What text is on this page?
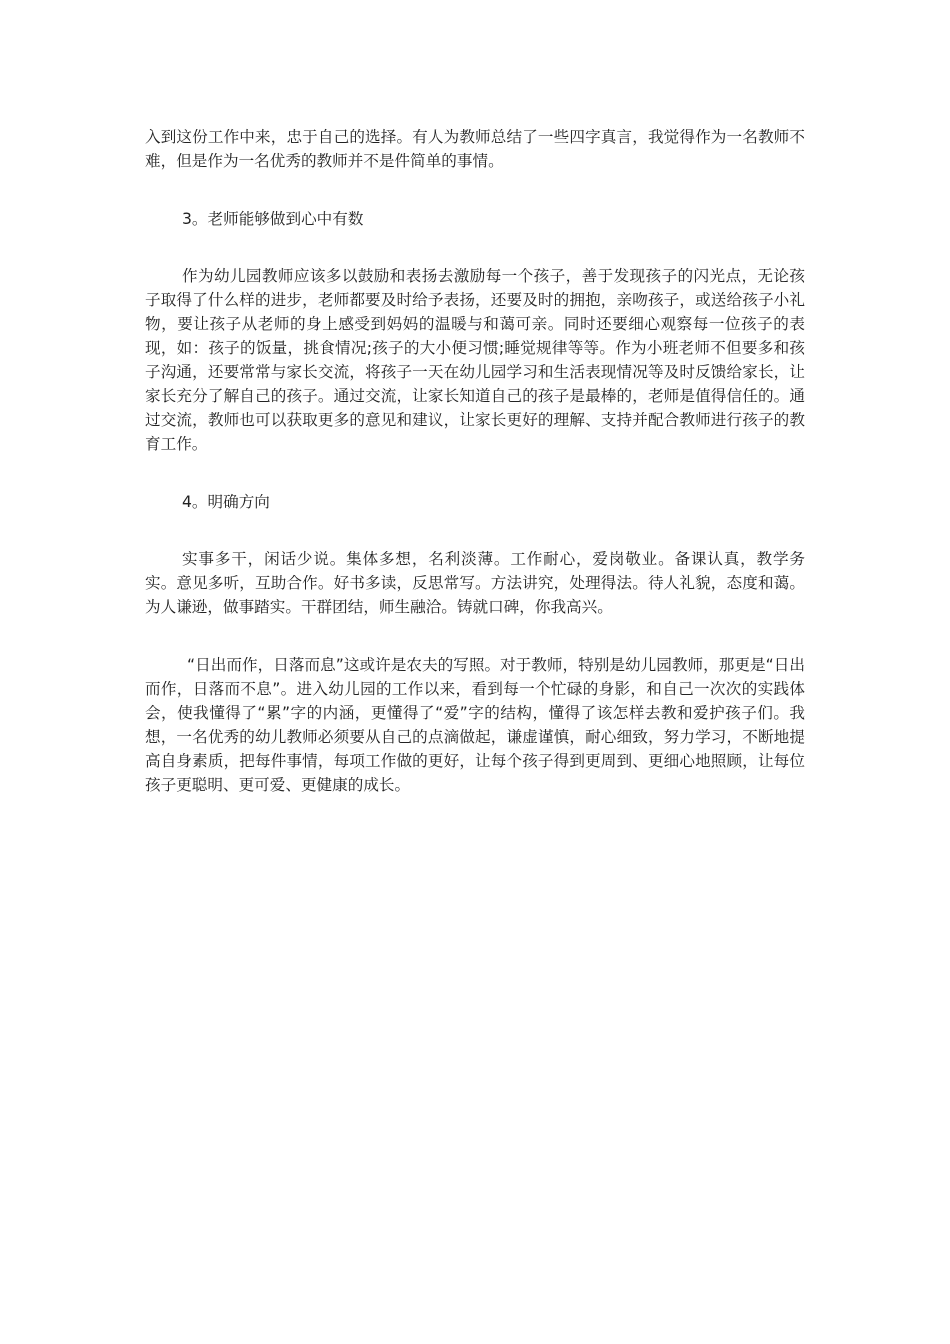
入到这份工作中来，忠于自己的选择。有人为教师总结了一些四字真言，我觉得作为一名教师不难，但是作为一名优秀的教师并不是件简单的事情。

3。老师能够做到心中有数

作为幼儿园教师应该多以鼓励和表扬去激励每一个孩子，善于发现孩子的闪光点，无论孩子取得了什么样的进步，老师都要及时给予表扬，还要及时的拥抱，亲吻孩子，或送给孩子小礼物，要让孩子从老师的身上感受到妈妈的温暖与和蔼可亲。同时还要细心观察每一位孩子的表现，如：孩子的饭量，挑食情况;孩子的大小便习惯;睡觉规律等等。作为小班老师不但要多和孩子沟通，还要常常与家长交流，将孩子一天在幼儿园学习和生活表现情况等及时反馈给家长，让家长充分了解自己的孩子。通过交流，让家长知道自己的孩子是最棒的，老师是值得信任的。通过交流，教师也可以获取更多的意见和建议，让家长更好的理解、支持并配合教师进行孩子的教育工作。

4。明确方向

实事多干，闲话少说。集体多想，名利淡薄。工作耐心，爱岗敬业。备课认真，教学务实。意见多听，互助合作。好书多读，反思常写。方法讲究，处理得法。待人礼貌，态度和蔼。为人谦逊，做事踏实。干群团结，师生融洽。铸就口碑，你我高兴。

“日出而作，日落而息”这或许是农夫的写照。对于教师，特别是幼儿园教师，那更是“日出而作，日落而不息”。进入幼儿园的工作以来，看到每一个忙碌的身影，和自己一次次的实践体会，使我懂得了“累”字的内涵，更懂得了“爱”字的结构，懂得了该怎样去教和爱护孩子们。我想，一名优秀的幼儿教师必须要从自己的点滴做起，谦虚谨慎，耐心细致，努力学习，不断地提高自身素质，把每件事情，每项工作做的更好，让每个孩子得到更周到、更细心地照顾，让每位孩子更聪明、更可爱、更健康的成长。
